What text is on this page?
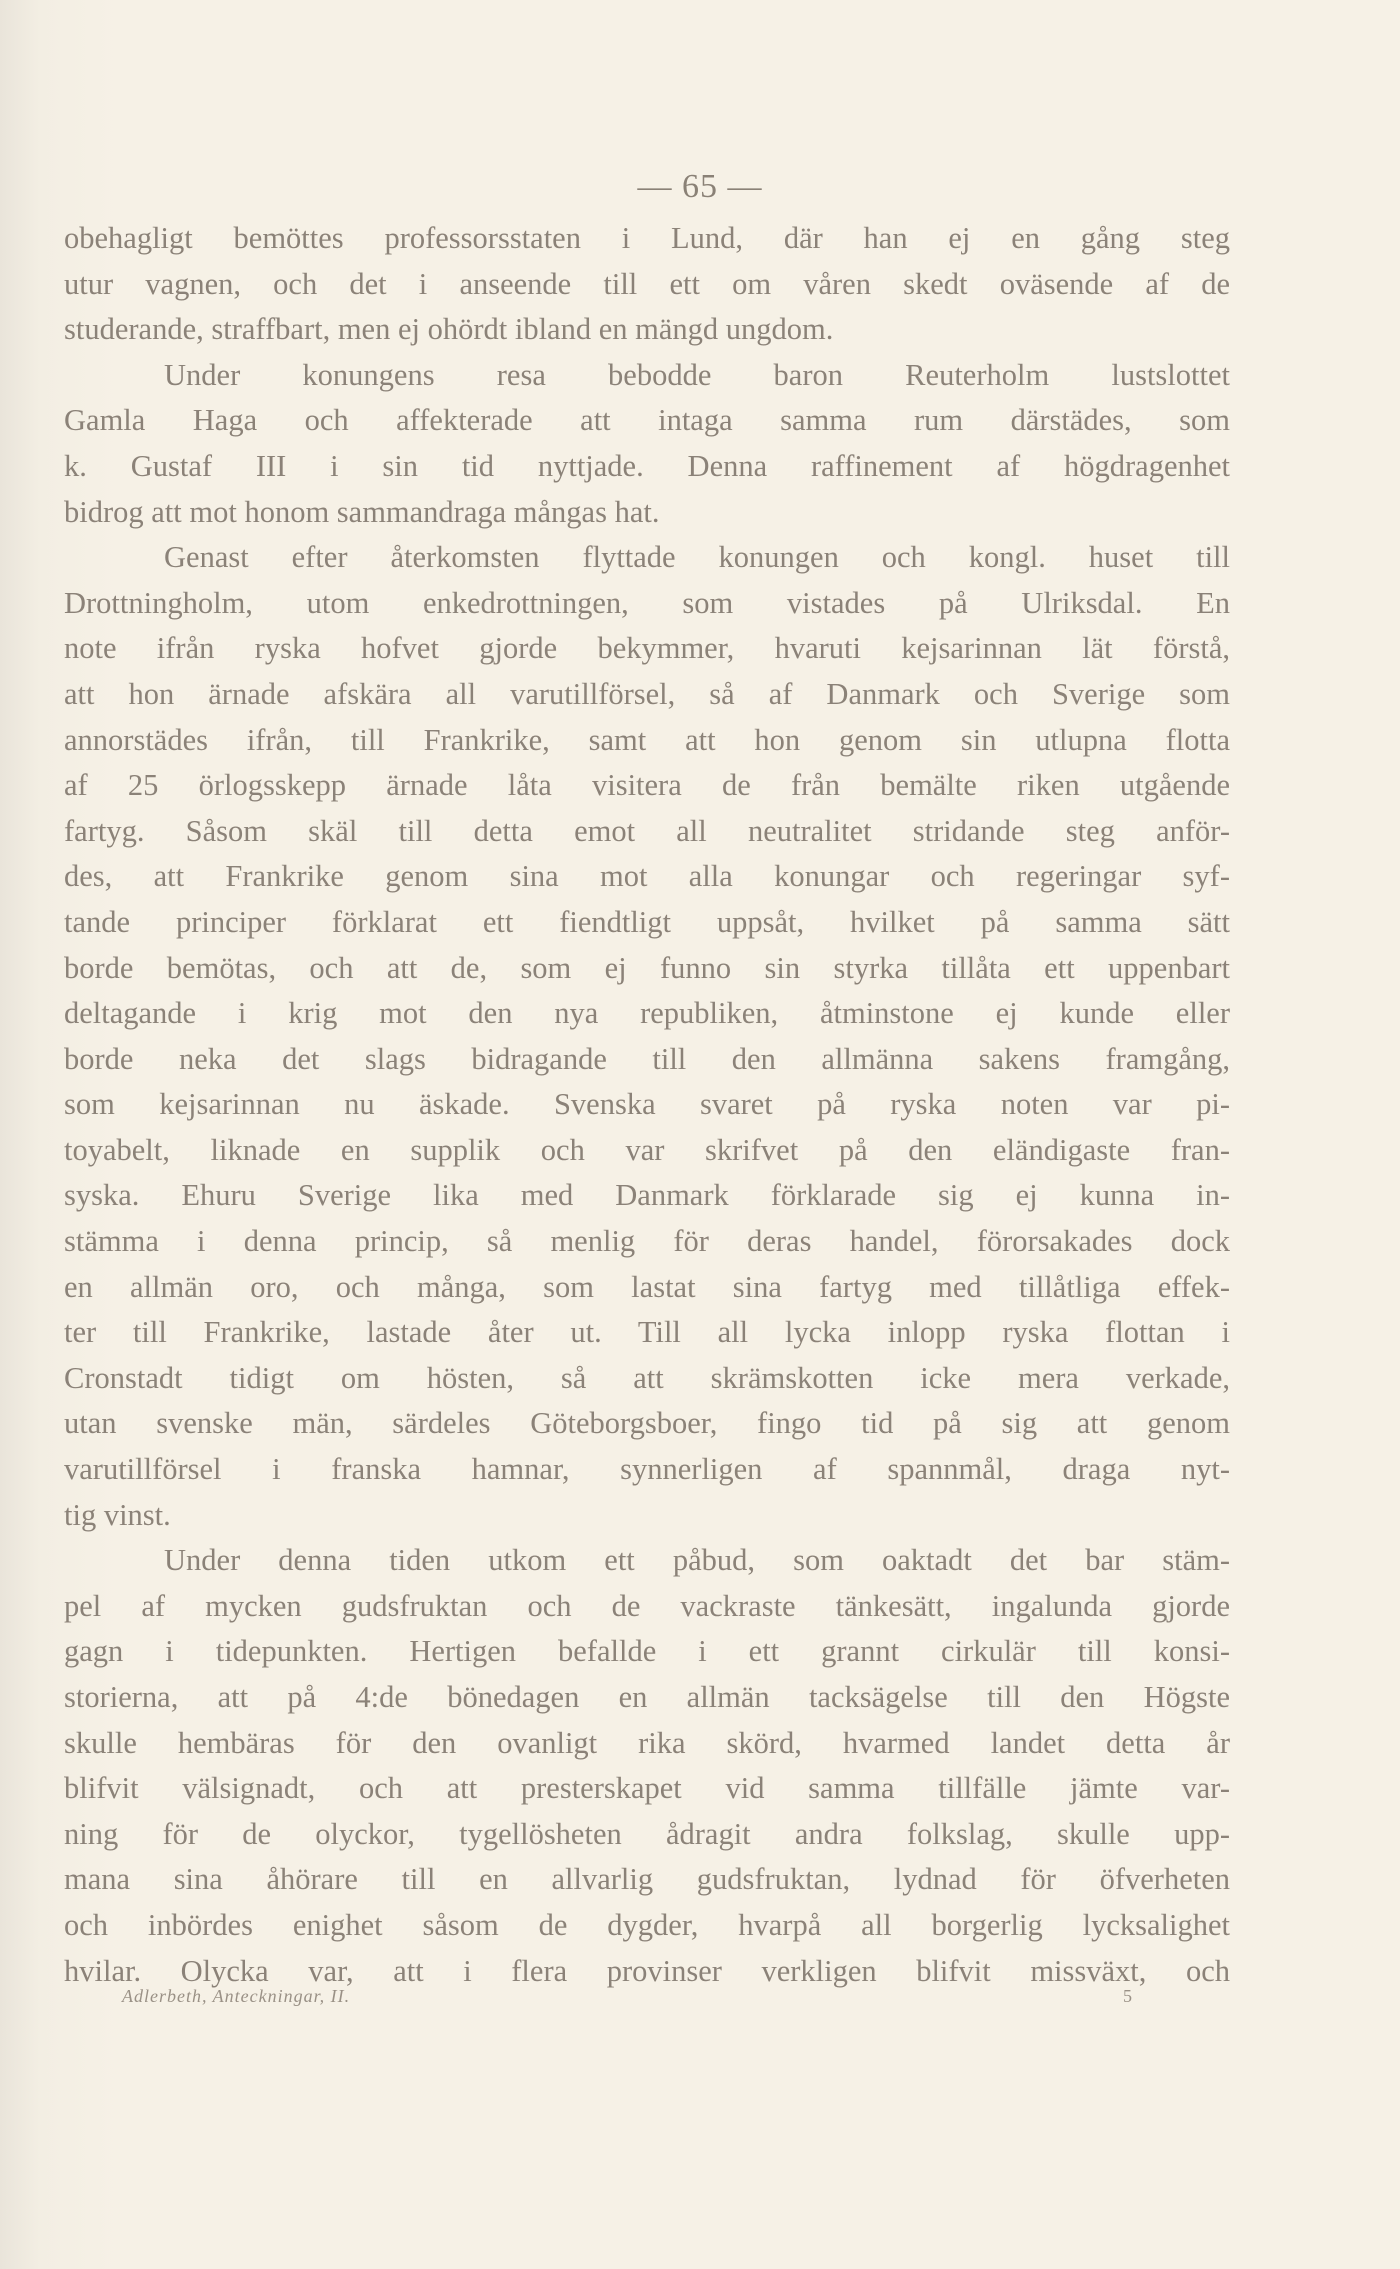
— 65 —
obehagligt bemöttes professorsstaten i Lund, där han ej en gång steg
utur vagnen, och det i anseende till ett om våren skedt oväsende af de
studerande, straffbart, men ej ohördt ibland en mängd ungdom.
Under konungens resa bebodde baron Reuterholm lustslottet
Gamla Haga och affekterade att intaga samma rum därstädes, som
k. Gustaf III i sin tid nyttjade. Denna raffinement af högdragenhet
bidrog att mot honom sammandraga mångas hat.
Genast efter återkomsten flyttade konungen och kongl. huset till
Drottningholm, utom enkedrottningen, som vistades på Ulriksdal. En
note ifrån ryska hofvet gjorde bekymmer, hvaruti kejsarinnan lät förstå,
att hon ärnade afskära all varutillförsel, så af Danmark och Sverige som
annorstädes ifrån, till Frankrike, samt att hon genom sin utlupna flotta
af 25 örlogsskepp ärnade låta visitera de från bemälte riken utgående
fartyg. Såsom skäl till detta emot all neutralitet stridande steg anför-
des, att Frankrike genom sina mot alla konungar och regeringar syf-
tande principer förklarat ett fiendtligt uppsåt, hvilket på samma sätt
borde bemötas, och att de, som ej funno sin styrka tillåta ett uppenbart
deltagande i krig mot den nya republiken, åtminstone ej kunde eller
borde neka det slags bidragande till den allmänna sakens framgång,
som kejsarinnan nu äskade. Svenska svaret på ryska noten var pi-
toyabelt, liknade en supplik och var skrifvet på den eländigaste fran-
syska. Ehuru Sverige lika med Danmark förklarade sig ej kunna in-
stämma i denna princip, så menlig för deras handel, förorsakades dock
en allmän oro, och många, som lastat sina fartyg med tillåtliga effek-
ter till Frankrike, lastade åter ut. Till all lycka inlopp ryska flottan i
Cronstadt tidigt om hösten, så att skrämskotten icke mera verkade,
utan svenske män, särdeles Göteborgsboer, fingo tid på sig att genom
varutillförsel i franska hamnar, synnerligen af spannmål, draga nyt-
tig vinst.
Under denna tiden utkom ett påbud, som oaktadt det bar stäm-
pel af mycken gudsfruktan och de vackraste tänkesätt, ingalunda gjorde
gagn i tidepunkten. Hertigen befallde i ett grannt cirkulär till konsi-
storierna, att på 4:de bönedagen en allmän tacksägelse till den Högste
skulle hembäras för den ovanligt rika skörd, hvarmed landet detta år
blifvit välsignadt, och att presterskapet vid samma tillfälle jämte var-
ning för de olyckor, tygellösheten ådragit andra folkslag, skulle upp-
mana sina åhörare till en allvarlig gudsfruktan, lydnad för öfverheten
och inbördes enighet såsom de dygder, hvarpå all borgerlig lycksalighet
hvilar. Olycka var, att i flera provinser verkligen blifvit missväxt, och
Adlerbeth, Anteckningar, II.	5
